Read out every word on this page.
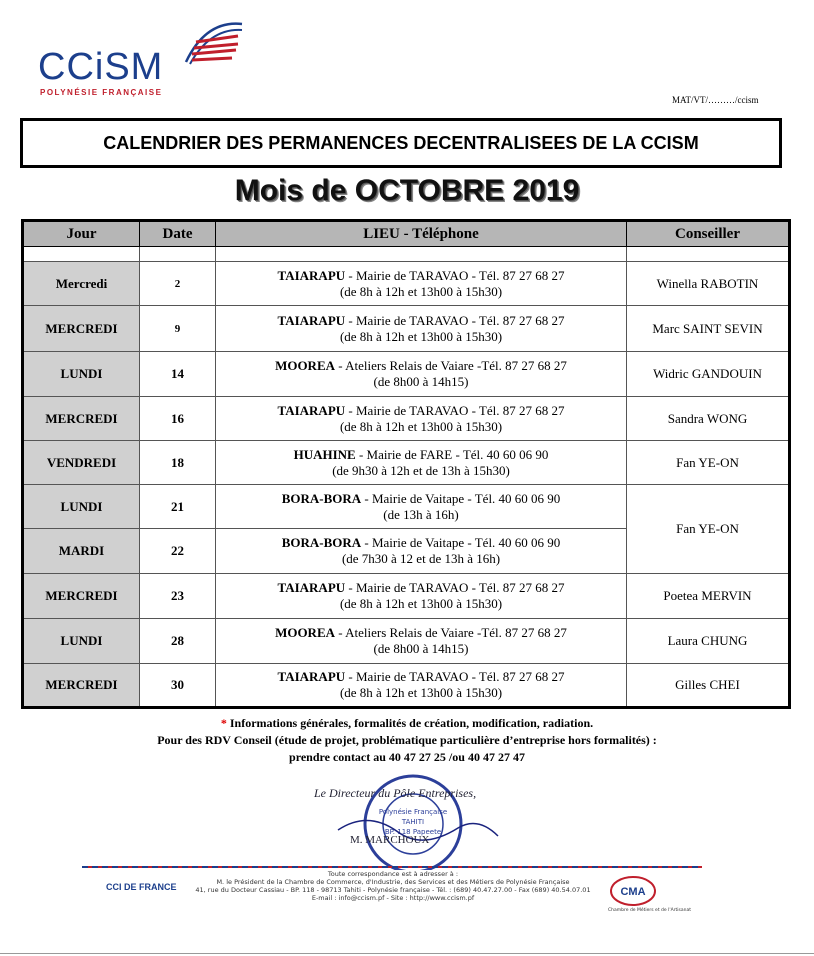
CCiSM
POLYNÉSIE FRANÇAISE
MAT/VT/………/ccism
CALENDRIER DES PERMANENCES DECENTRALISEES DE LA CCISM
Mois de OCTOBRE 2019
Jour	Date	LIEU - Téléphone	Conseiller

Mercredi	2	TAIARAPU - Mairie de TARAVAO - Tél. 87 27 68 27
(de 8h à 12h et 13h00 à 15h30)	Winella RABOTIN
MERCREDI	9	TAIARAPU - Mairie de TARAVAO - Tél. 87 27 68 27
(de 8h à 12h et 13h00 à 15h30)	Marc SAINT SEVIN
LUNDI	14	MOOREA - Ateliers Relais de Vaiare -Tél. 87 27 68 27
(de 8h00 à 14h15)	Widric GANDOUIN
MERCREDI	16	TAIARAPU - Mairie de TARAVAO - Tél. 87 27 68 27
(de 8h à 12h et 13h00 à 15h30)	Sandra WONG
VENDREDI	18	HUAHINE - Mairie de FARE - Tél. 40 60 06 90
(de 9h30 à 12h et de 13h à 15h30)	Fan YE-ON
LUNDI	21	BORA-BORA - Mairie de Vaitape - Tél. 40 60 06 90
(de 13h à 16h)	Fan YE-ON
MARDI	22	BORA-BORA - Mairie de Vaitape - Tél. 40 60 06 90
(de 7h30 à 12 et de 13h à 16h)	

MERCREDI	23	TAIARAPU - Mairie de TARAVAO - Tél. 87 27 68 27
(de 8h à 12h et 13h00 à 15h30)	Poetea MERVIN
LUNDI	28	MOOREA - Ateliers Relais de Vaiare -Tél. 87 27 68 27
(de 8h00 à 14h15)	Laura CHUNG
MERCREDI	30	TAIARAPU - Mairie de TARAVAO - Tél. 87 27 68 27
(de 8h à 12h et 13h00 à 15h30)	Gilles CHEI
* Informations générales, formalités de création, modification, radiation.
Pour des RDV Conseil (étude de projet, problématique particulière d’entreprise hors formalités) :
prendre contact au 40 47 27 25 /ou 40 47 27 47
Polynésie Française
TAHITI
BP. 118 Papeete
Le Directeur du Pôle Entreprises,
M. MARCHOUX
CCI DE FRANCE
Toute correspondance est à adresser à :
M. le Président de la Chambre de Commerce, d'Industrie, des Services et des Métiers de Polynésie Française
41, rue du Docteur Cassiau - BP. 118 - 98713 Tahiti - Polynésie française - Tél. : (689) 40.47.27.00 - Fax (689) 40.54.07.01
E-mail : info@ccism.pf - Site : http://www.ccism.pf	CMA
Chambre de Métiers et de l'Artisanat
